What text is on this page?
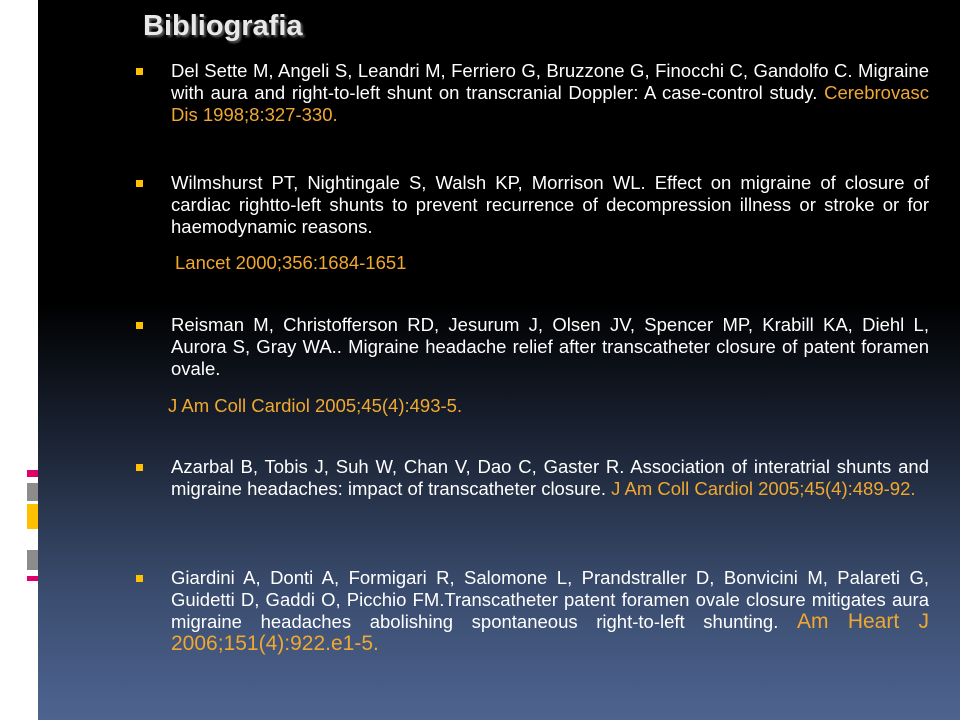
Bibliografia

Del Sette M, Angeli S, Leandri M, Ferriero G, Bruzzone G, Finocchi C, Gandolfo C. Migraine with aura and right-to-left shunt on transcranial Doppler: A case-control study. Cerebrovasc Dis 1998;8:327-330.

Wilmshurst PT, Nightingale S, Walsh KP, Morrison WL. Effect on migraine of closure of cardiac rightto-left shunts to prevent recurrence of decompression illness or stroke or for haemodynamic reasons.

Lancet 2000;356:1684-1651

Reisman M, Christofferson RD, Jesurum J, Olsen JV, Spencer MP, Krabill KA, Diehl L, Aurora S, Gray WA.. Migraine headache relief after transcatheter closure of patent foramen ovale.

J Am Coll Cardiol 2005;45(4):493-5.

Azarbal B, Tobis J, Suh W, Chan V, Dao C, Gaster R. Association of interatrial shunts and migraine headaches: impact of transcatheter closure. J Am Coll Cardiol 2005;45(4):489-92.

Giardini A, Donti A, Formigari R, Salomone L, Prandstraller D, Bonvicini M, Palareti G, Guidetti D, Gaddi O, Picchio FM.Transcatheter patent foramen ovale closure mitigates aura migraine headaches abolishing spontaneous right-to-left shunting. Am Heart J 2006;151(4):922.e1-5.
